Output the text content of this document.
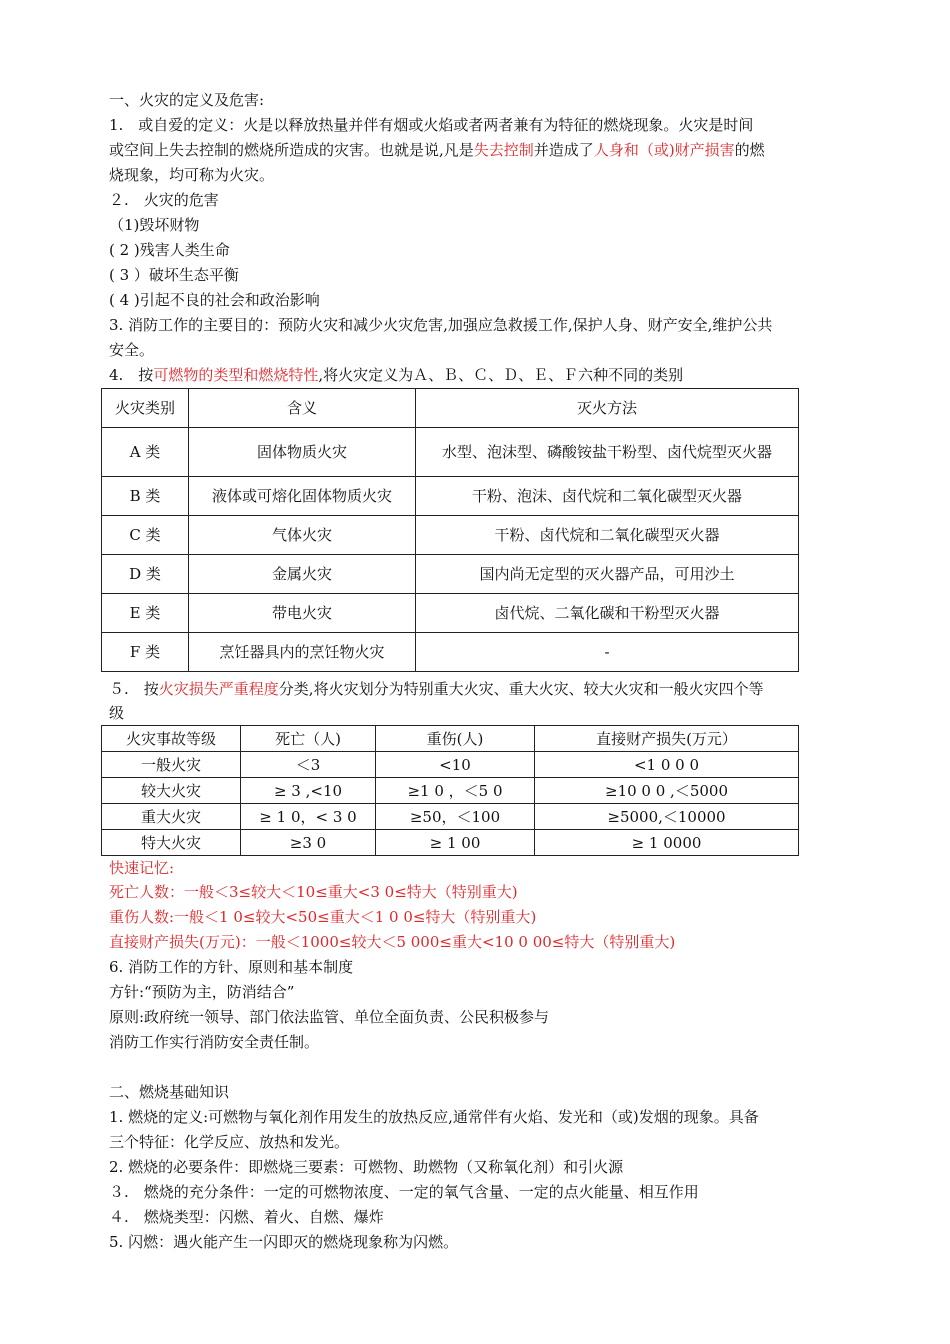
一、火灾的定义及危害:
1.　或自爱的定义：火是以释放热量并伴有烟或火焰或者两者兼有为特征的燃烧现象。火灾是时间
或空间上失去控制的燃烧所造成的灾害。也就是说,凡是失去控制并造成了人身和（或)财产损害的燃
烧现象，均可称为火灾。
２.　火灾的危害
（1)毁坏财物
( 2 )残害人类生命
( 3 ）破坏生态平衡
( 4 )引起不良的社会和政治影响
3. 消防工作的主要目的：预防火灾和减少火灾危害,加强应急救援工作,保护人身、财产安全,维护公共
安全。
4.　按可燃物的类型和燃烧特性,将火灾定义为Ａ、Ｂ、Ｃ、Ｄ、Ｅ、Ｆ六种不同的类别
火灾类别	含义	灭火方法
A 类	固体物质火灾	水型、泡沫型、磷酸铵盐干粉型、卤代烷型灭火器
B 类	液体或可熔化固体物质火灾	干粉、泡沫、卤代烷和二氧化碳型灭火器
C 类	气体火灾	干粉、卤代烷和二氧化碳型灭火器
D 类	金属火灾	国内尚无定型的灭火器产品，可用沙土
E 类	带电火灾	卤代烷、二氧化碳和干粉型灭火器
F 类	烹饪器具内的烹饪物火灾	-
５.　按火灾损失严重程度分类,将火灾划分为特别重大火灾、重大火灾、较大火灾和一般火灾四个等
级
火灾事故等级	死亡（人)	重伤(人)	直接财产损失(万元）
一般火灾	＜3	<10	<1 0 0 0
较大火灾	≥ 3 ,<10	≥1 0 ，＜5 0	≥10 0 0 ,＜5000
重大火灾	≥ 1 0，< 3 0	≥50，＜100	≥5000,＜10000
特大火灾	≥3 0	≥ 1 00	≥ 1 0000
快速记忆:
死亡人数：一般＜3≤较大＜10≤重大<3 0≤特大（特别重大)
重伤人数:一般＜1 0≤较大<50≤重大＜1 0 0≤特大（特别重大)
直接财产损失(万元)：一般＜1000≤较大＜5 000≤重大<10 0 00≤特大（特别重大)
6. 消防工作的方针、原则和基本制度
方针:“预防为主，防消结合”
原则:政府统一领导、部门依法监管、单位全面负责、公民积极参与
消防工作实行消防安全责任制。
二、燃烧基础知识
1. 燃烧的定义:可燃物与氧化剂作用发生的放热反应,通常伴有火焰、发光和（或)发烟的现象。具备
三个特征：化学反应、放热和发光。
2. 燃烧的必要条件：即燃烧三要素：可燃物、助燃物（又称氧化剂）和引火源
３.　燃烧的充分条件：一定的可燃物浓度、一定的氧气含量、一定的点火能量、相互作用
４.　燃烧类型：闪燃、着火、自燃、爆炸
5. 闪燃：遇火能产生一闪即灭的燃烧现象称为闪燃。
